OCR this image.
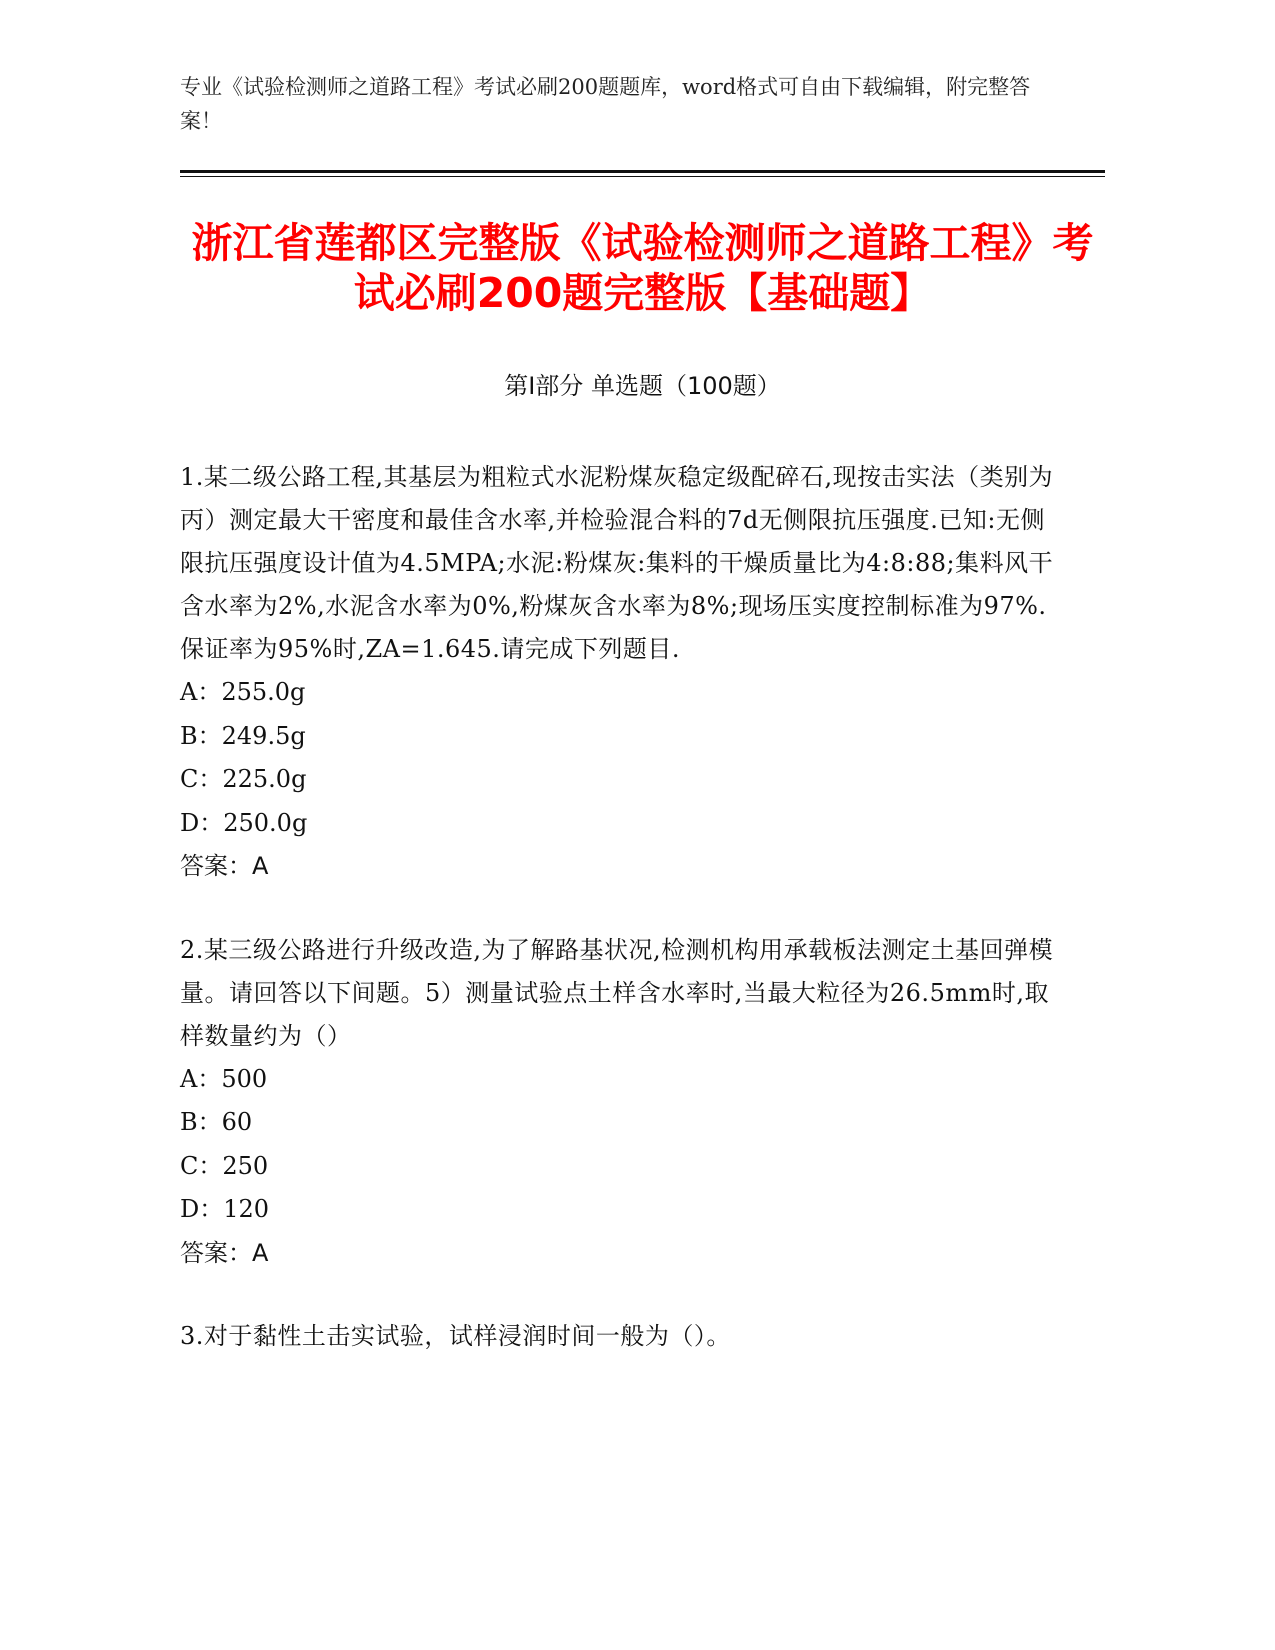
专业《试验检测师之道路工程》考试必刷200题题库，word格式可自由下载编辑，附完整答案！
浙江省莲都区完整版《试验检测师之道路工程》考试必刷200题完整版【基础题】
第I部分 单选题（100题）
1.某二级公路工程,其基层为粗粒式水泥粉煤灰稳定级配碎石,现按击实法（类别为丙）测定最大干密度和最佳含水率,并检验混合料的7d无侧限抗压强度.已知:无侧限抗压强度设计值为4.5MPA;水泥:粉煤灰:集料的干燥质量比为4:8:88;集料风干含水率为2%,水泥含水率为0%,粉煤灰含水率为8%;现场压实度控制标准为97%.保证率为95%时,ZA=1.645.请完成下列题目.
A：255.0g
B：249.5g
C：225.0g
D：250.0g
答案：A
2.某三级公路进行升级改造,为了解路基状况,检测机构用承载板法测定土基回弹模量。请回答以下间题。5）测量试验点土样含水率时,当最大粒径为26.5mm时,取样数量约为（）
A：500
B：60
C：250
D：120
答案：A
3.对于黏性土击实试验，试样浸润时间一般为（）。
